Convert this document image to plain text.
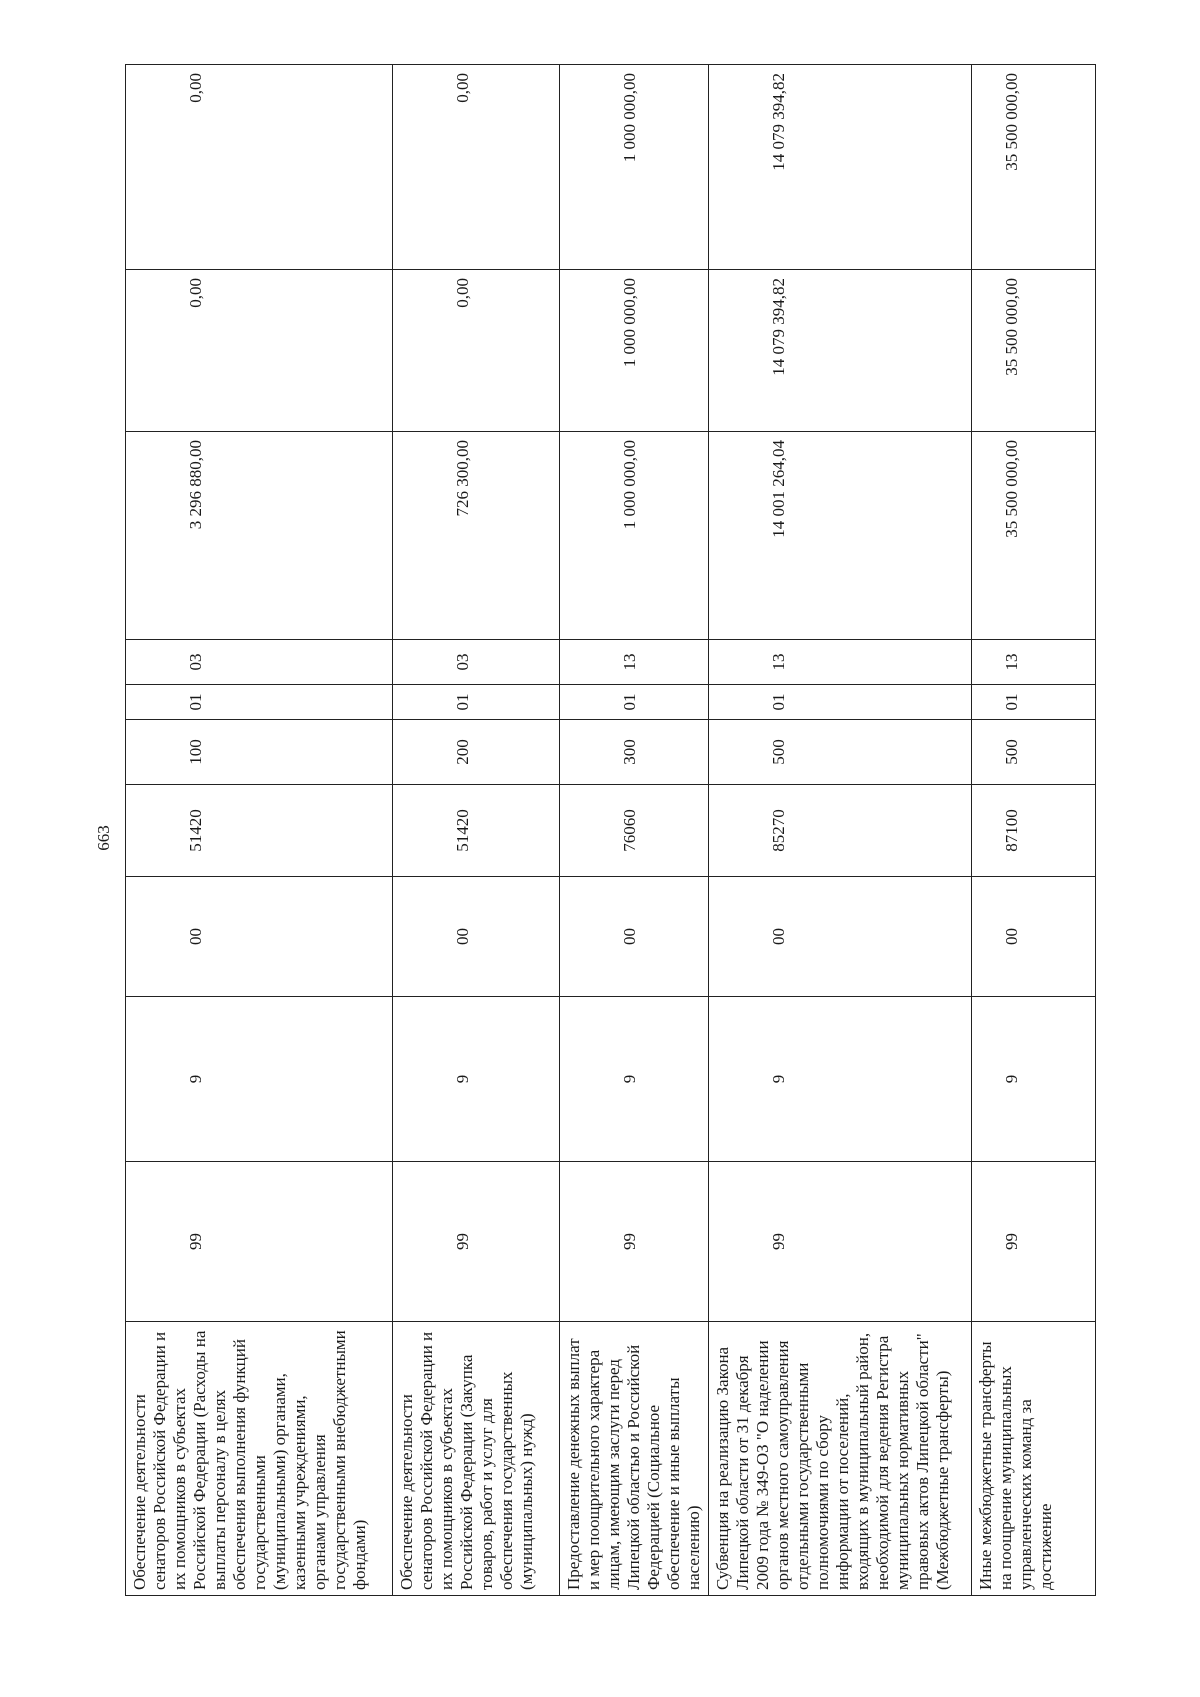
663
Обеспечение деятельности сенаторов Российской Федерации и их помощников в субъектах Российской Федерации (Расходы на выплаты персоналу в целях обеспечения выполнения функций государственными (муниципальными) органами, казенными учреждениями, органами управления государственными внебюджетными фондами)	99	9	00	51420	100	01	03	3 296 880,00	0,00	0,00
Обеспечение деятельности сенаторов Российской Федерации и их помощников в субъектах Российской Федерации (Закупка товаров, работ и услуг для обеспечения государственных (муниципальных) нужд)	99	9	00	51420	200	01	03	726 300,00	0,00	0,00
Предоставление денежных выплат и мер поощрительного характера лицам, имеющим заслуги перед Липецкой областью и Российской Федерацией (Социальное обеспечение и иные выплаты населению)	99	9	00	76060	300	01	13	1 000 000,00	1 000 000,00	1 000 000,00
Субвенция на реализацию Закона Липецкой области от 31 декабря 2009 года № 349-ОЗ "О наделении органов местного самоуправления отдельными государственными полномочиями по сбору информации от поселений, входящих в муниципальный район, необходимой для ведения Регистра муниципальных нормативных правовых актов Липецкой области" (Межбюджетные трансферты)	99	9	00	85270	500	01	13	14 001 264,04	14 079 394,82	14 079 394,82
Иные межбюджетные трансферты на поощрение муниципальных управленческих команд за достижение	99	9	00	87100	500	01	13	35 500 000,00	35 500 000,00	35 500 000,00
